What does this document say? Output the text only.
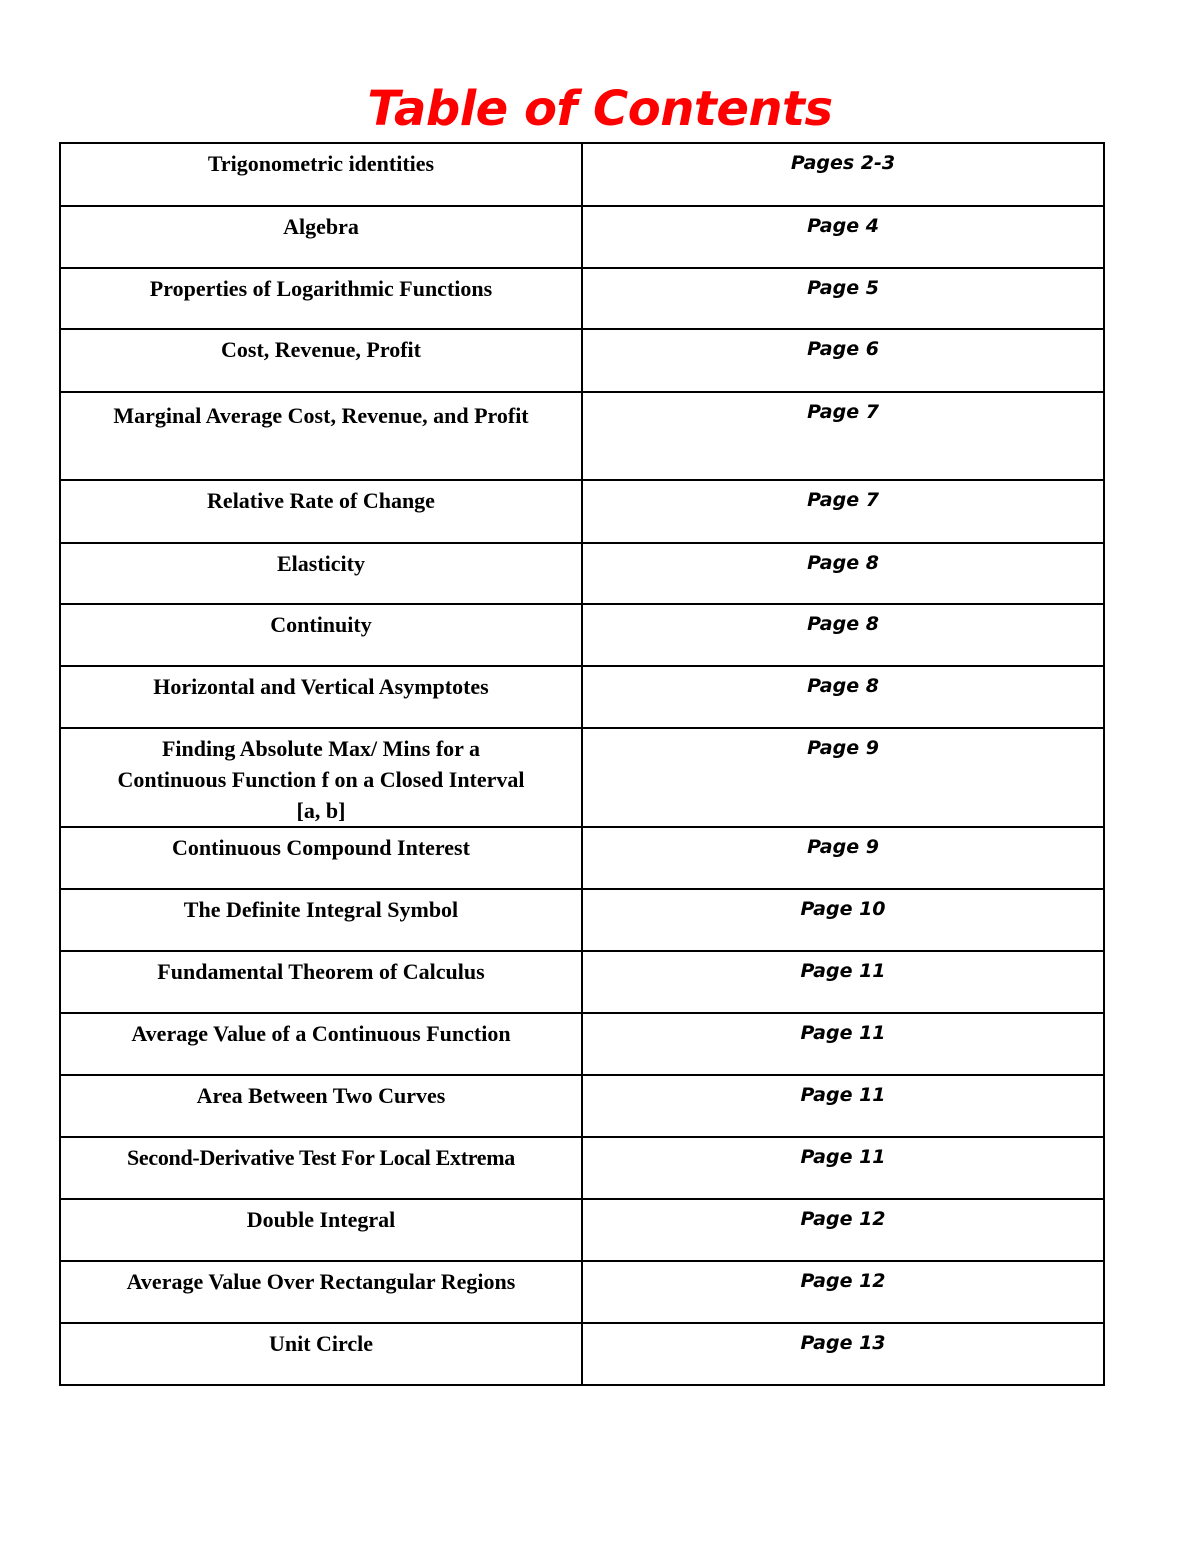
Table of Contents
Trigonometric identities	Pages 2-3
Algebra	Page 4
Properties of Logarithmic Functions	Page 5
Cost, Revenue, Profit	Page 6
Marginal Average Cost, Revenue, and Profit	Page 7
Relative Rate of Change	Page 7
Elasticity	Page 8
Continuity	Page 8
Horizontal and Vertical Asymptotes	Page 8
Finding Absolute Max/ Mins for a Continuous Function f on a Closed Interval [a, b]	Page 9
Continuous Compound Interest	Page 9
The Definite Integral Symbol	Page 10
Fundamental Theorem of Calculus	Page 11
Average Value of a Continuous Function	Page 11
Area Between Two Curves	Page 11
Second-Derivative Test For Local Extrema	Page 11
Double Integral	Page 12
Average Value Over Rectangular Regions	Page 12
Unit Circle	Page 13
